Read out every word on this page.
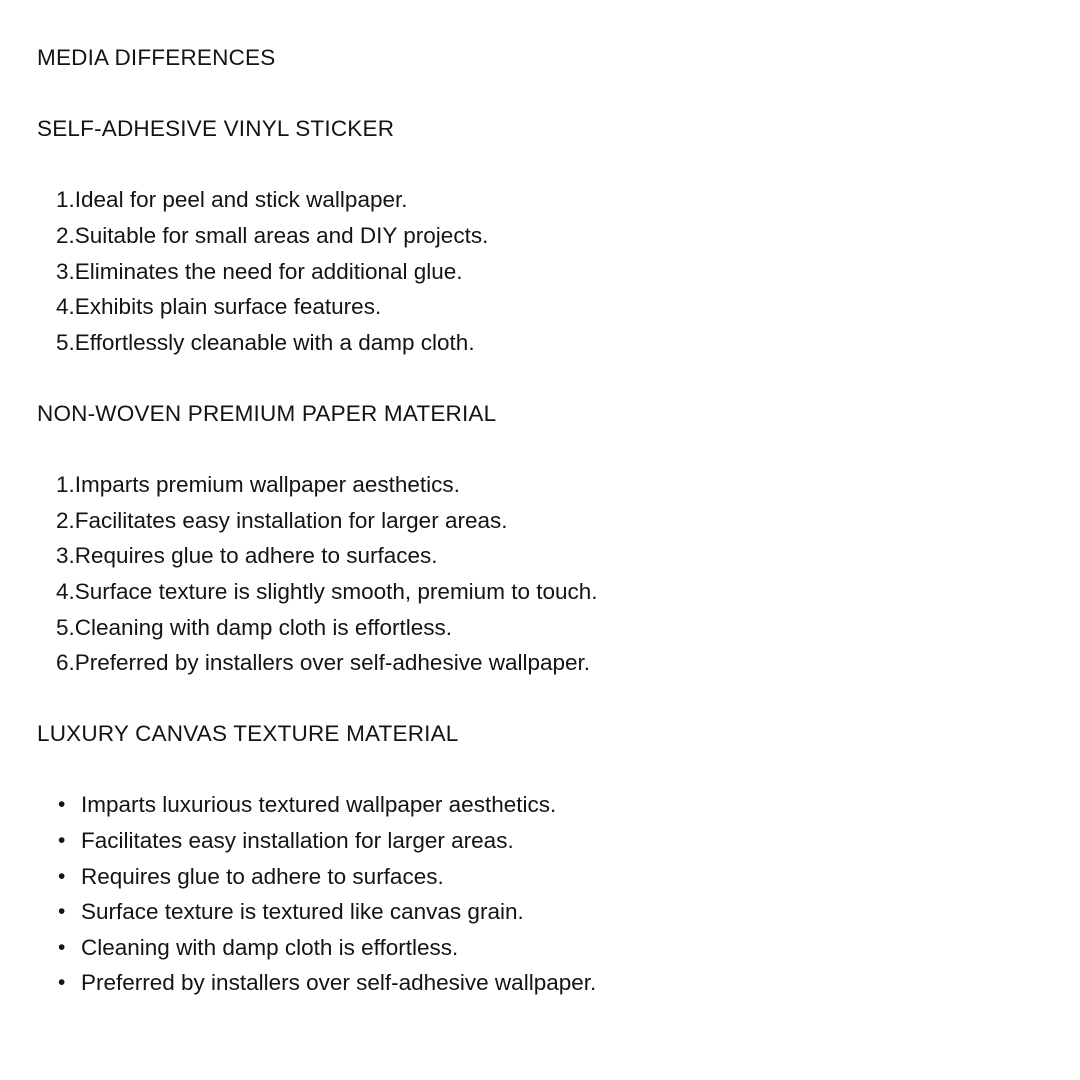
MEDIA DIFFERENCES

SELF-ADHESIVE VINYL STICKER

Ideal for peel and stick wallpaper.
Suitable for small areas and DIY projects.
Eliminates the need for additional glue.
Exhibits plain surface features.
Effortlessly cleanable with a damp cloth.

NON-WOVEN PREMIUM PAPER MATERIAL

Imparts premium wallpaper aesthetics.
Facilitates easy installation for larger areas.
Requires glue to adhere to surfaces.
Surface texture is slightly smooth, premium to touch.
Cleaning with damp cloth is effortless.
Preferred by installers over self-adhesive wallpaper.

LUXURY CANVAS TEXTURE MATERIAL

• Imparts luxurious textured wallpaper aesthetics.
• Facilitates easy installation for larger areas.
• Requires glue to adhere to surfaces.
• Surface texture is textured like canvas grain.
• Cleaning with damp cloth is effortless.
• Preferred by installers over self-adhesive wallpaper.
